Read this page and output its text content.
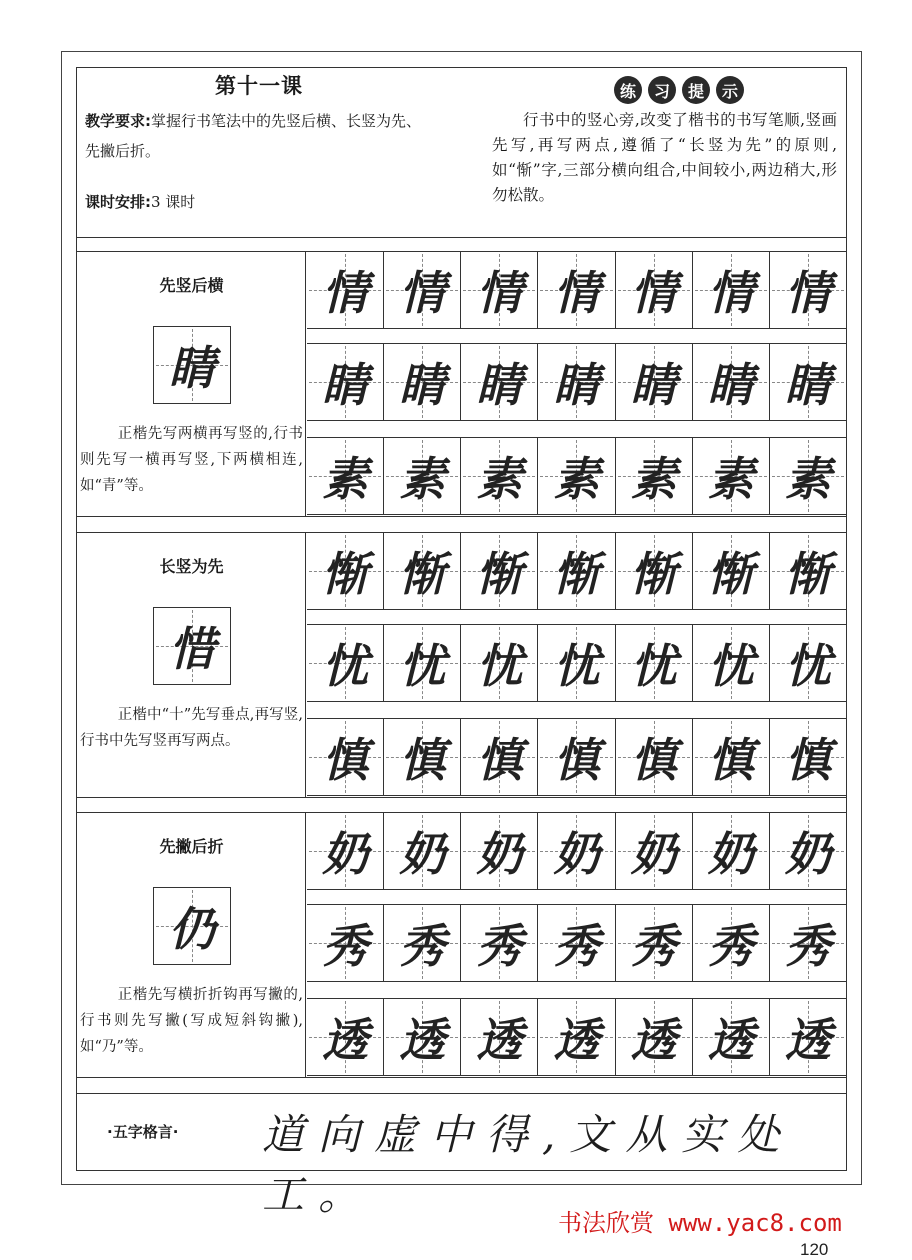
第十一课
教学要求:掌握行书笔法中的先竖后横、长竖为先、先撇后折。
课时安排:3 课时
练	习	提	示
行书中的竖心旁,改变了楷书的书写笔顺,竖画先写,再写两点,遵循了“长竖为先”的原则,如“惭”字,三部分横向组合,中间较小,两边稍大,形勿松散。
先竖后横
睛
正楷先写两横再写竖的,行书则先写一横再写竖,下两横相连,如“青”等。
情 情 情 情 情 情 情
睛 睛 睛 睛 睛 睛 睛
素 素 素 素 素 素 素
长竖为先
惜
正楷中“十”先写垂点,再写竖,行书中先写竖再写两点。
惭 惭 惭 惭 惭 惭 惭
忧 忧 忧 忧 忧 忧 忧
慎 慎 慎 慎 慎 慎 慎
先撇后折
仍
正楷先写横折折钩再写撇的,行书则先写撇(写成短斜钩撇),如“乃”等。
奶 奶 奶 奶 奶 奶 奶
秀 秀 秀 秀 秀 秀 秀
透 透 透 透 透 透 透
·五字格言· 道向虚中得,文从实处工。
书法欣赏 www.yac8.com
120
